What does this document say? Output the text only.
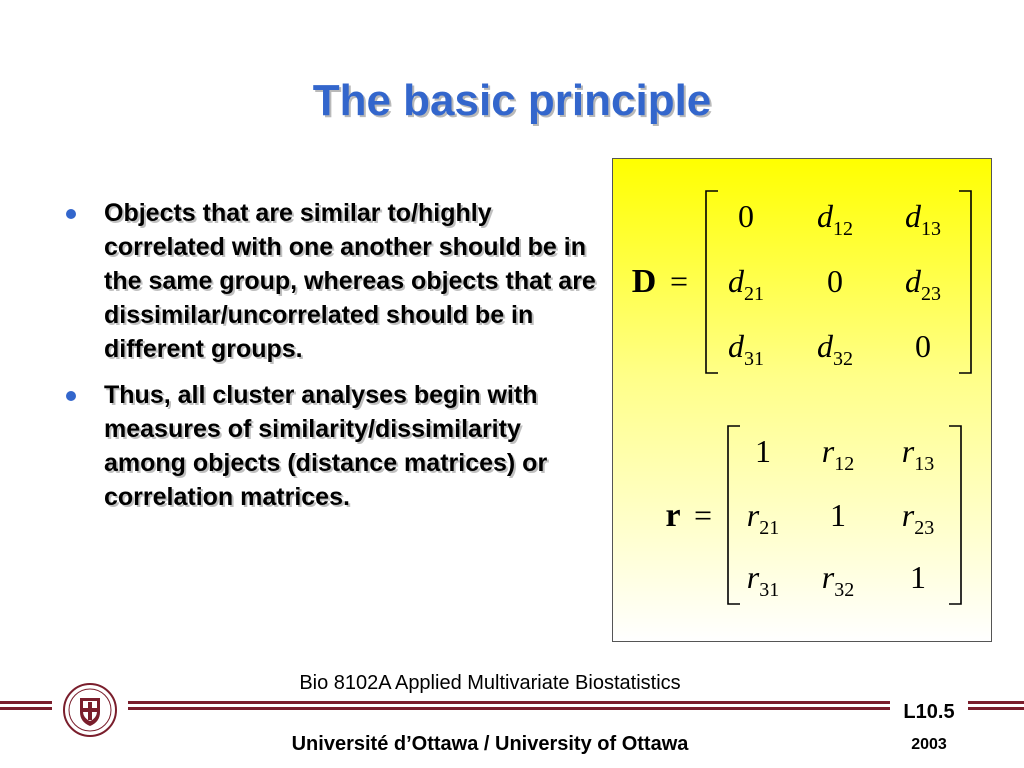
The basic principle
Objects that are similar to/highly correlated with one another should be in the same group, whereas objects that are dissimilar/uncorrelated should be in different groups.
Thus, all cluster analyses begin with measures of similarity/dissimilarity among objects (distance matrices) or correlation matrices.
D =
0 $d_{12}$ $d_{13}$
$d_{21}$ 0 $d_{23}$
$d_{31}$ $d_{32}$ 0
r =
1 $r_{12}$ $r_{13}$
$r_{21}$ 1 $r_{23}$
$r_{31}$ $r_{32}$ 1
Bio 8102A Applied Multivariate Biostatistics
L10.5
Université d’Ottawa / University of Ottawa	2003
